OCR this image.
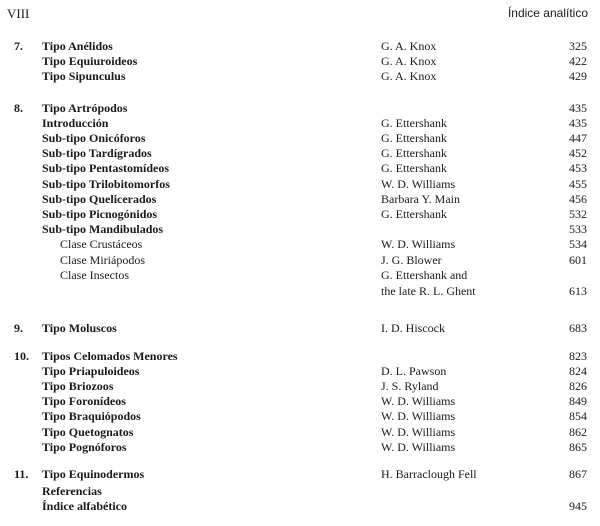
VIII	Índice analítico
7. Tipo Anélidos	G. A. Knox	325
Tipo Equiuroideos	G. A. Knox	422
Tipo Sipunculus	G. A. Knox	429
8. Tipo Artrópodos	435
Introducción	G. Ettershank	435
Sub-tipo Onicóforos	G. Ettershank	447
Sub-tipo Tardígrados	G. Ettershank	452
Sub-tipo Pentastomídeos	G. Ettershank	453
Sub-tipo Trilobitomorfos	W. D. Williams	455
Sub-tipo Quelicerados	Barbara Y. Main	456
Sub-tipo Picnogónidos	G. Ettershank	532
Sub-tipo Mandibulados	533
Clase Crustáceos	W. D. Williams	534
Clase Miriápodos	J. G. Blower	601
Clase Insectos	G. Ettershank and
the late R. L. Ghent	613
9. Tipo Moluscos	I. D. Hiscock	683
10. Tipos Celomados Menores	823
Tipo Priapuloideos	D. L. Pawson	824
Tipo Briozoos	J. S. Ryland	826
Tipo Foronídeos	W. D. Williams	849
Tipo Braquiópodos	W. D. Williams	854
Tipo Quetognatos	W. D. Williams	862
Tipo Pognóforos	W. D. Williams	865
11. Tipo Equinodermos	H. Barraclough Fell	867
Referencias
Índice alfabético	945
